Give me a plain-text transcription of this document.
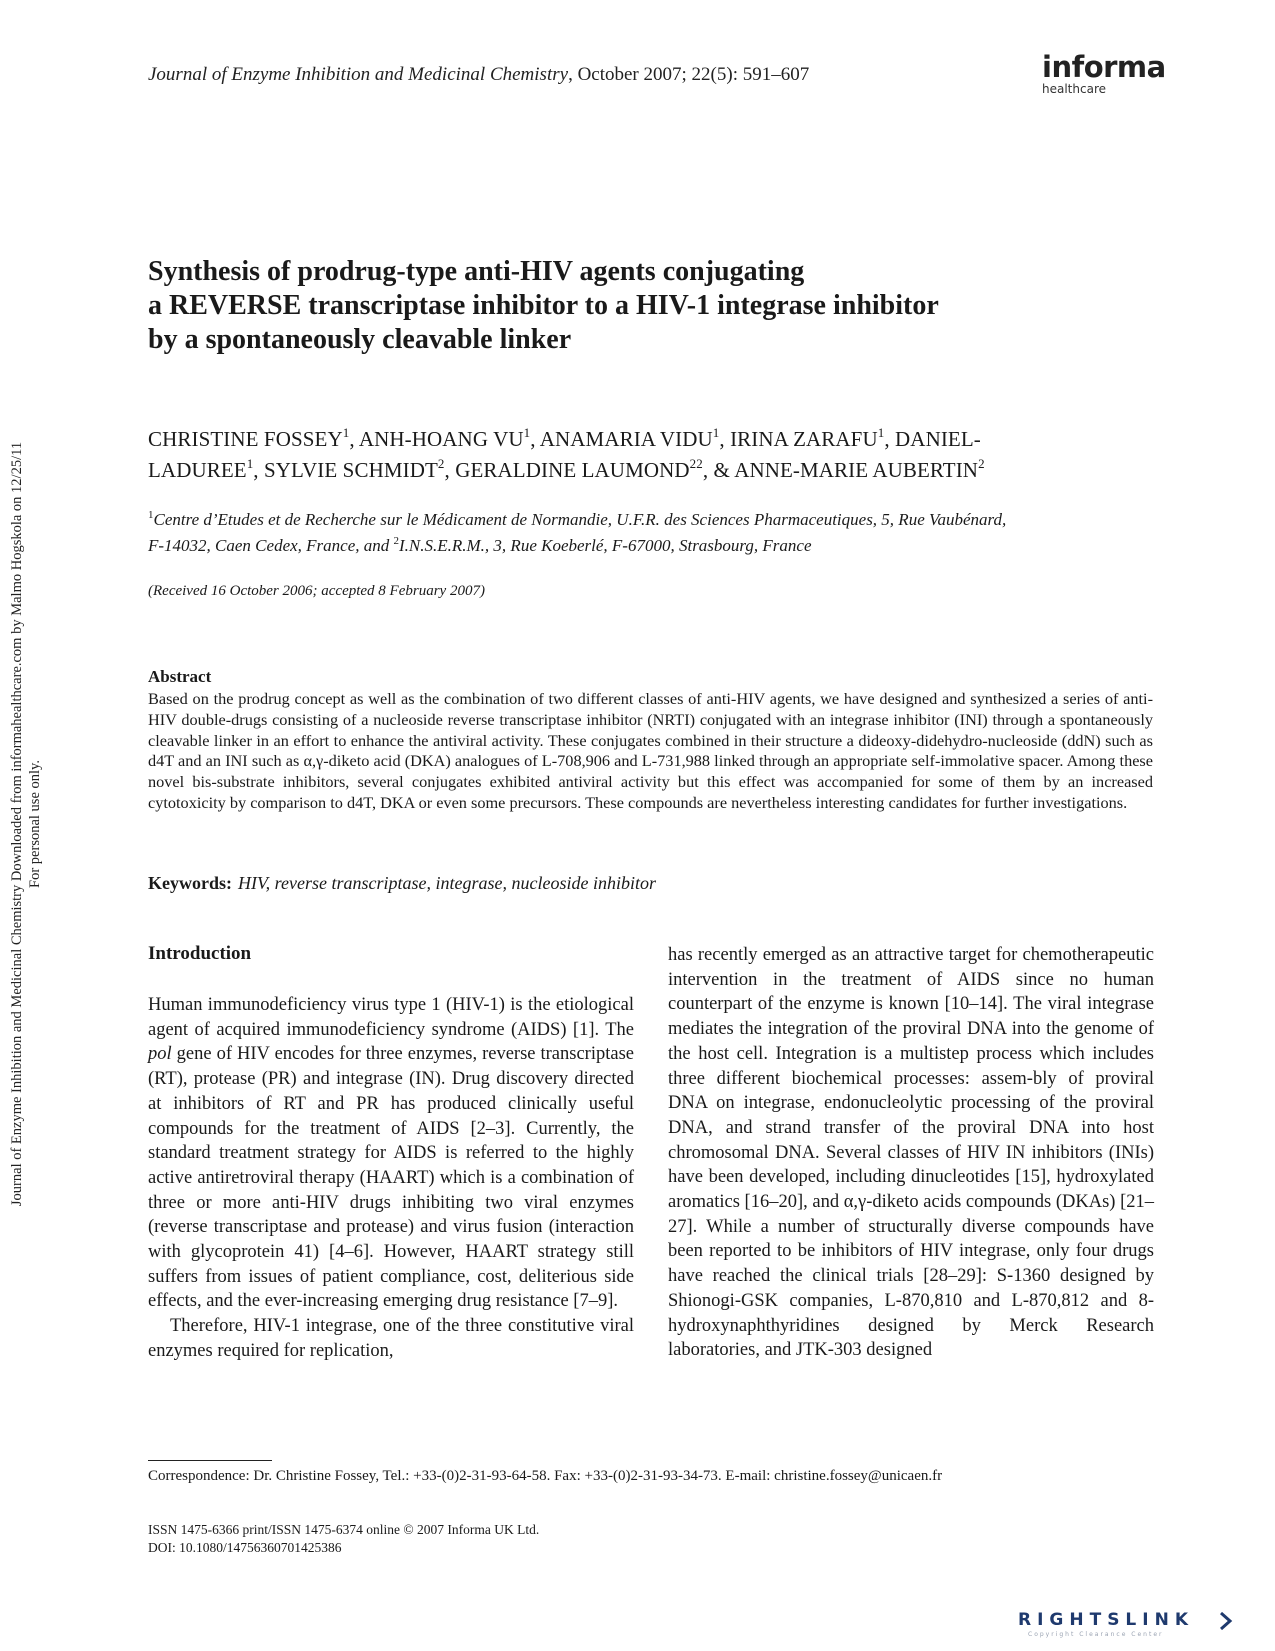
Journal of Enzyme Inhibition and Medicinal Chemistry, October 2007; 22(5): 591–607	informa
healthcare
Journal of Enzyme Inhibition and Medicinal Chemistry Downloaded from informahealthcare.com by Malmo Hogskola on 12/25/11 For personal use only.
Synthesis of prodrug-type anti-HIV agents conjugating
a REVERSE transcriptase inhibitor to a HIV-1 integrase inhibitor
by a spontaneously cleavable linker
CHRISTINE FOSSEY$^1$, ANH-HOANG $VU^1$, ANAMARIA VIDU$^1$, IRINA ZARAFU$^1$, DANIEL-
LADUREE$^1$, SYLVIE SCHMIDT$^2$, GERALDINE LAUMOND$^{22}$, & ANNE-MARIE AUBERTIN$^2$
$^1$Centre d’Etudes et de Recherche sur le Médicament de Normandie, U.F.R. des Sciences Pharmaceutiques, 5, Rue Vaubénard,
F-14032, Caen Cedex, France, and $^2$I.N.S.E.R.M., 3, Rue Koeberlé, F-67000, Strasbourg, France
(Received 16 October 2006; accepted 8 February 2007)
Abstract

Based on the prodrug concept as well as the combination of two different classes of anti-HIV agents, we have designed and synthesized a series of anti-HIV double-drugs consisting of a nucleoside reverse transcriptase inhibitor (NRTI) conjugated with an integrase inhibitor (INI) through a spontaneously cleavable linker in an effort to enhance the antiviral activity. These conjugates combined in their structure a dideoxy-didehydro-nucleoside (ddN) such as d4T and an INI such as α,γ-diketo acid (DKA) analogues of L-708,906 and L-731,988 linked through an appropriate self-immolative spacer. Among these novel bis-substrate inhibitors, several conjugates exhibited antiviral activity but this effect was accompanied for some of them by an increased cytotoxicity by comparison to d4T, DKA or even some precursors. These compounds are nevertheless interesting candidates for further investigations.

Keywords: HIV, reverse transcriptase, integrase, nucleoside inhibitor
Introduction

Human immunodeficiency virus type 1 (HIV-1) is the etiological agent of acquired immunodeficiency syndrome (AIDS) [1]. The pol gene of HIV encodes for three enzymes, reverse transcriptase (RT), protease (PR) and integrase (IN). Drug discovery directed at inhibitors of RT and PR has produced clinically useful compounds for the treatment of AIDS [2–3]. Currently, the standard treatment strategy for AIDS is referred to the highly active antiretroviral therapy (HAART) which is a combination of three or more anti-HIV drugs inhibiting two viral enzymes (reverse transcriptase and protease) and virus fusion (interaction with glycoprotein 41) [4–6]. However, HAART strategy still suffers from issues of patient compliance, cost, deliterious side effects, and the ever-increasing emerging drug resistance [7–9].

Therefore, HIV-1 integrase, one of the three constitutive viral enzymes required for replication,

has recently emerged as an attractive target for chemotherapeutic intervention in the treatment of AIDS since no human counterpart of the enzyme is known [10–14]. The viral integrase mediates the integration of the proviral DNA into the genome of the host cell. Integration is a multistep process which includes three different biochemical processes: assem-bly of proviral DNA on integrase, endonucleolytic processing of the proviral DNA, and strand transfer of the proviral DNA into host chromosomal DNA. Several classes of HIV IN inhibitors (INIs) have been developed, including dinucleotides [15], hydroxylated aromatics [16–20], and α,γ-diketo acids compounds (DKAs) [21–27]. While a number of structurally diverse compounds have been reported to be inhibitors of HIV integrase, only four drugs have reached the clinical trials [28–29]: S-1360 designed by Shionogi-GSK companies, L-870,810 and L-870,812 and 8-hydroxynaphthyridines designed by Merck Research laboratories, and JTK-303 designed

Correspondence: Dr. Christine Fossey, Tel.: +33-(0)2-31-93-64-58. Fax: +33-(0)2-31-93-34-73. E-mail: christine.fossey@unicaen.fr
ISSN 1475-6366 print/ISSN 1475-6374 online © 2007 Informa UK Ltd.
DOI: 10.1080/14756360701425386
RIGHTSLINK
Copyright Clearance Center
